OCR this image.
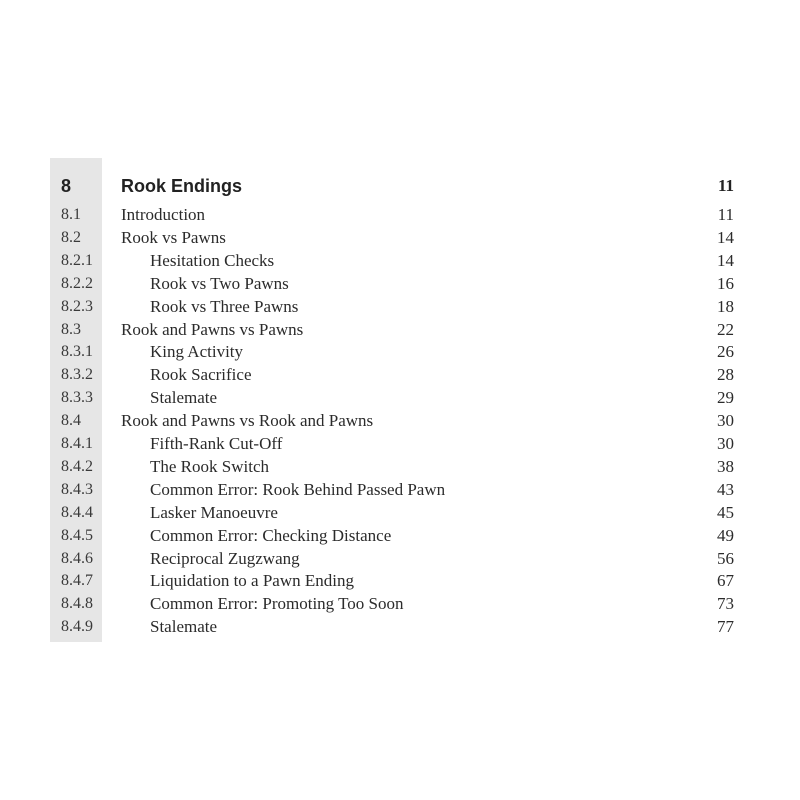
8	Rook Endings	11
8.1 Introduction	11
8.2 Rook vs Pawns	14
8.2.1	Hesitation Checks	14
8.2.2	Rook vs Two Pawns	16
8.2.3	Rook vs Three Pawns	18
8.3 Rook and Pawns vs Pawns	22
8.3.1	King Activity	26
8.3.2	Rook Sacrifice	28
8.3.3	Stalemate	29
8.4 Rook and Pawns vs Rook and Pawns	30
8.4.1	Fifth-Rank Cut-Off	30
8.4.2	The Rook Switch	38
8.4.3	Common Error: Rook Behind Passed Pawn	43
8.4.4	Lasker Manoeuvre	45
8.4.5	Common Error: Checking Distance	49
8.4.6	Reciprocal Zugzwang	56
8.4.7	Liquidation to a Pawn Ending	67
8.4.8	Common Error: Promoting Too Soon	73
8.4.9	Stalemate	77
